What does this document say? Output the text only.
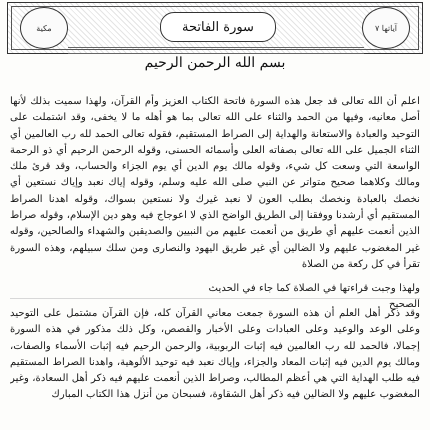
مكية	سورة الفاتحة	آياتها ٧
بسم الله الرحمن الرحيم
اعلم أن الله تعالى قد جعل هذه السورة فاتحة الكتاب العزيز وأم القرآن، ولهذا سميت بذلك لأنها أصل معانيه، وفيها من الحمد والثناء على الله تعالى بما هو أهله ما لا يخفى، وقد اشتملت على التوحيد والعبادة والاستعانة والهداية إلى الصراط المستقيم، فقوله تعالى الحمد لله رب العالمين أي الثناء الجميل على الله تعالى بصفاته العلى وأسمائه الحسنى، وقوله الرحمن الرحيم أي ذو الرحمة الواسعة التي وسعت كل شيء، وقوله مالك يوم الدين أي يوم الجزاء والحساب، وقد قرئ ملك ومالك وكلاهما صحيح متواتر عن النبي صلى الله عليه وسلم، وقوله إياك نعبد وإياك نستعين أي نخصك بالعبادة ونخصك بطلب العون لا نعبد غيرك ولا نستعين بسواك، وقوله اهدنا الصراط المستقيم أي أرشدنا ووفقنا إلى الطريق الواضح الذي لا اعوجاج فيه وهو دين الإسلام، وقوله صراط الذين أنعمت عليهم أي طريق من أنعمت عليهم من النبيين والصديقين والشهداء والصالحين، وقوله غير المغضوب عليهم ولا الضالين أي غير طريق اليهود والنصارى ومن سلك سبيلهم، وهذه السورة تقرأ في كل ركعة من الصلاة
ولهذا وجبت قراءتها في الصلاة كما جاء في الحديث الصحيح
وقد ذكر أهل العلم أن هذه السورة جمعت معاني القرآن كله، فإن القرآن مشتمل على التوحيد وعلى الوعد والوعيد وعلى العبادات وعلى الأخبار والقصص، وكل ذلك مذكور في هذه السورة إجمالا، فالحمد لله رب العالمين فيه إثبات الربوبية، والرحمن الرحيم فيه إثبات الأسماء والصفات، ومالك يوم الدين فيه إثبات المعاد والجزاء، وإياك نعبد فيه توحيد الألوهية، واهدنا الصراط المستقيم فيه طلب الهداية التي هي أعظم المطالب، وصراط الذين أنعمت عليهم فيه ذكر أهل السعادة، وغير المغضوب عليهم ولا الضالين فيه ذكر أهل الشقاوة، فسبحان من أنزل هذا الكتاب المبارك
